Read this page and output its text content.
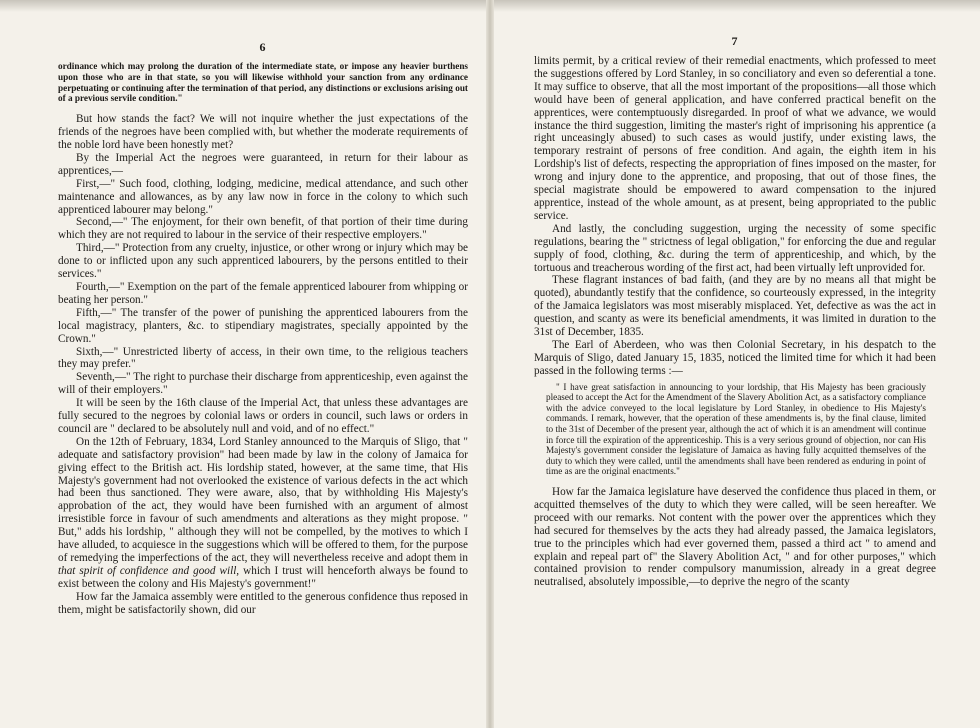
6

ordinance which may prolong the duration of the intermediate state, or impose any heavier burthens upon those who are in that state, so you will likewise withhold your sanction from any ordinance perpetuating or continuing after the termination of that period, any distinctions or exclusions arising out of a previous servile condition."

But how stands the fact? We will not inquire whether the just expectations of the friends of the negroes have been complied with, but whether the moderate requirements of the noble lord have been honestly met?

By the Imperial Act the negroes were guaranteed, in return for their labour as apprentices,—

First,—" Such food, clothing, lodging, medicine, medical attendance, and such other maintenance and allowances, as by any law now in force in the colony to which such apprenticed labourer may belong."

Second,—" The enjoyment, for their own benefit, of that portion of their time during which they are not required to labour in the service of their respective employers."

Third,—" Protection from any cruelty, injustice, or other wrong or injury which may be done to or inflicted upon any such apprenticed labourers, by the persons entitled to their services."

Fourth,—" Exemption on the part of the female apprenticed labourer from whipping or beating her person."

Fifth,—" The transfer of the power of punishing the apprenticed labourers from the local magistracy, planters, &c. to stipendiary magistrates, specially appointed by the Crown."

Sixth,—" Unrestricted liberty of access, in their own time, to the religious teachers they may prefer."

Seventh,—" The right to purchase their discharge from apprenticeship, even against the will of their employers."

It will be seen by the 16th clause of the Imperial Act, that unless these advantages are fully secured to the negroes by colonial laws or orders in council, such laws or orders in council are " declared to be absolutely null and void, and of no effect."

On the 12th of February, 1834, Lord Stanley announced to the Marquis of Sligo, that " adequate and satisfactory provision" had been made by law in the colony of Jamaica for giving effect to the British act. His lordship stated, however, at the same time, that His Majesty's government had not overlooked the existence of various defects in the act which had been thus sanctioned. They were aware, also, that by withholding His Majesty's approbation of the act, they would have been furnished with an argument of almost irresistible force in favour of such amendments and alterations as they might propose. " But," adds his lordship, " although they will not be compelled, by the motives to which I have alluded, to acquiesce in the suggestions which will be offered to them, for the purpose of remedying the imperfections of the act, they will nevertheless receive and adopt them in that spirit of confidence and good will, which I trust will henceforth always be found to exist between the colony and His Majesty's government!"

How far the Jamaica assembly were entitled to the generous confidence thus reposed in them, might be satisfactorily shown, did our

7

limits permit, by a critical review of their remedial enactments, which professed to meet the suggestions offered by Lord Stanley, in so conciliatory and even so deferential a tone. It may suffice to observe, that all the most important of the propositions—all those which would have been of general application, and have conferred practical benefit on the apprentices, were contemptuously disregarded. In proof of what we advance, we would instance the third suggestion, limiting the master's right of imprisoning his apprentice (a right unceasingly abused) to such cases as would justify, under existing laws, the temporary restraint of persons of free condition. And again, the eighth item in his Lordship's list of defects, respecting the appropriation of fines imposed on the master, for wrong and injury done to the apprentice, and proposing, that out of those fines, the special magistrate should be empowered to award compensation to the injured apprentice, instead of the whole amount, as at present, being appropriated to the public service.

And lastly, the concluding suggestion, urging the necessity of some specific regulations, bearing the " strictness of legal obligation," for enforcing the due and regular supply of food, clothing, &c. during the term of apprenticeship, and which, by the tortuous and treacherous wording of the first act, had been virtually left unprovided for.

These flagrant instances of bad faith, (and they are by no means all that might be quoted), abundantly testify that the confidence, so courteously expressed, in the integrity of the Jamaica legislators was most miserably misplaced. Yet, defective as was the act in question, and scanty as were its beneficial amendments, it was limited in duration to the 31st of December, 1835.

The Earl of Aberdeen, who was then Colonial Secretary, in his despatch to the Marquis of Sligo, dated January 15, 1835, noticed the limited time for which it had been passed in the following terms :—

" I have great satisfaction in announcing to your lordship, that His Majesty has been graciously pleased to accept the Act for the Amendment of the Slavery Abolition Act, as a satisfactory compliance with the advice conveyed to the local legislature by Lord Stanley, in obedience to His Majesty's commands. I remark, however, that the operation of these amendments is, by the final clause, limited to the 31st of December of the present year, although the act of which it is an amendment will continue in force till the expiration of the apprenticeship. This is a very serious ground of objection, nor can His Majesty's government consider the legislature of Jamaica as having fully acquitted themselves of the duty to which they were called, until the amendments shall have been rendered as enduring in point of time as are the original enactments."

How far the Jamaica legislature have deserved the confidence thus placed in them, or acquitted themselves of the duty to which they were called, will be seen hereafter. We proceed with our remarks. Not content with the power over the apprentices which they had secured for themselves by the acts they had already passed, the Jamaica legislators, true to the principles which had ever governed them, passed a third act " to amend and explain and repeal part of" the Slavery Abolition Act, " and for other purposes," which contained provision to render compulsory manumission, already in a great degree neutralised, absolutely impossible,—to deprive the negro of the scanty
